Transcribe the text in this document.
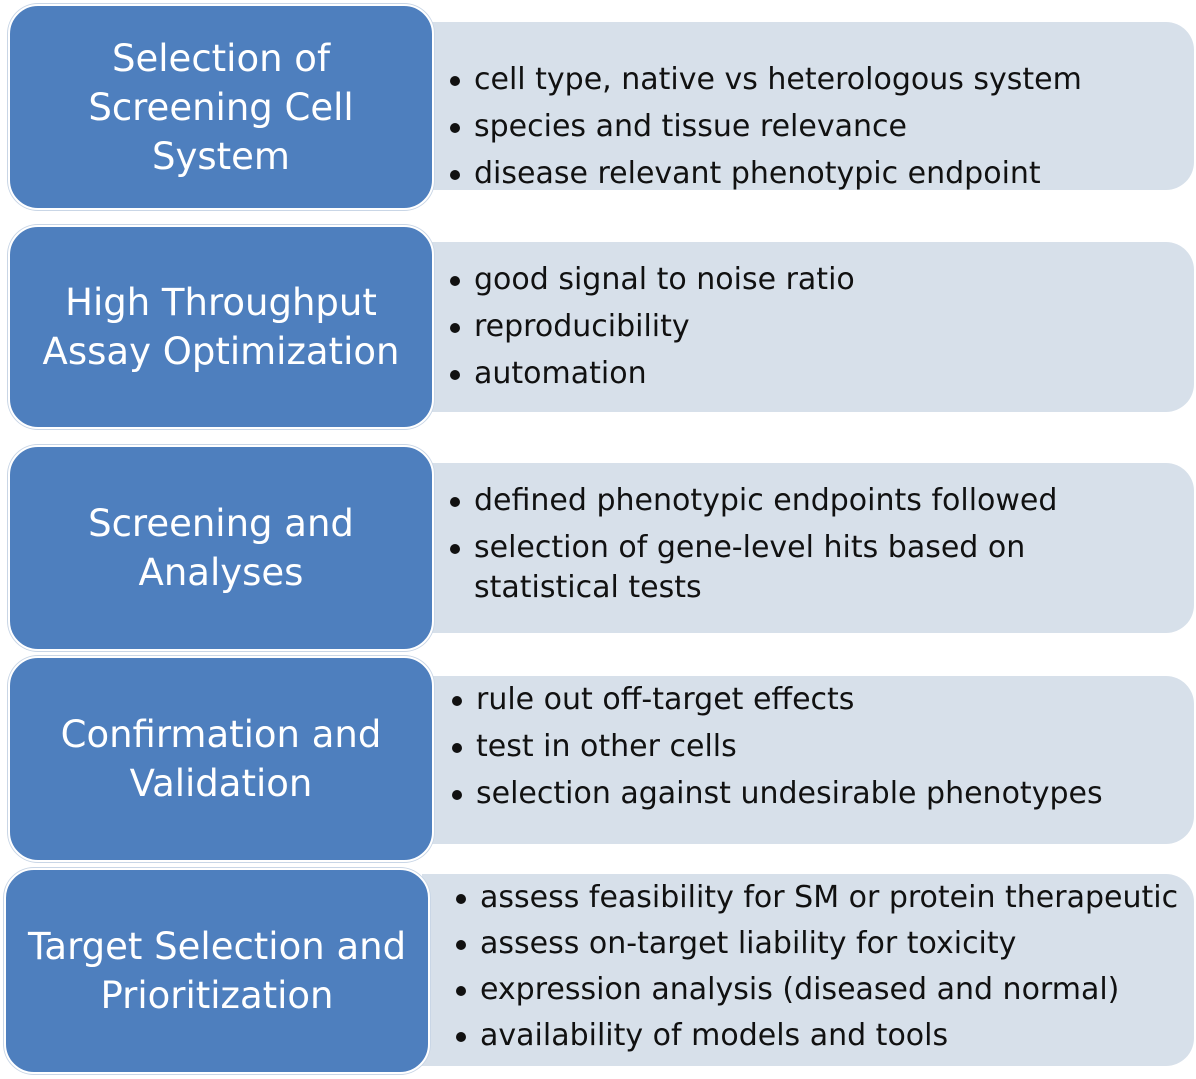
cell type, native vs heterologous system
species and tissue relevance
disease relevant phenotypic endpoint
Selection of
Screening Cell
System
good signal to noise ratio
reproducibility
automation
High Throughput
Assay Optimization
defined phenotypic endpoints followed
selection of gene-level hits based on statistical tests
Screening and
Analyses
rule out off-target effects
test in other cells
selection against undesirable phenotypes
Confirmation and
Validation
assess feasibility for SM or protein therapeutic
assess on-target liability for toxicity
expression analysis (diseased and normal)
availability of models and tools
Target Selection and
Prioritization
